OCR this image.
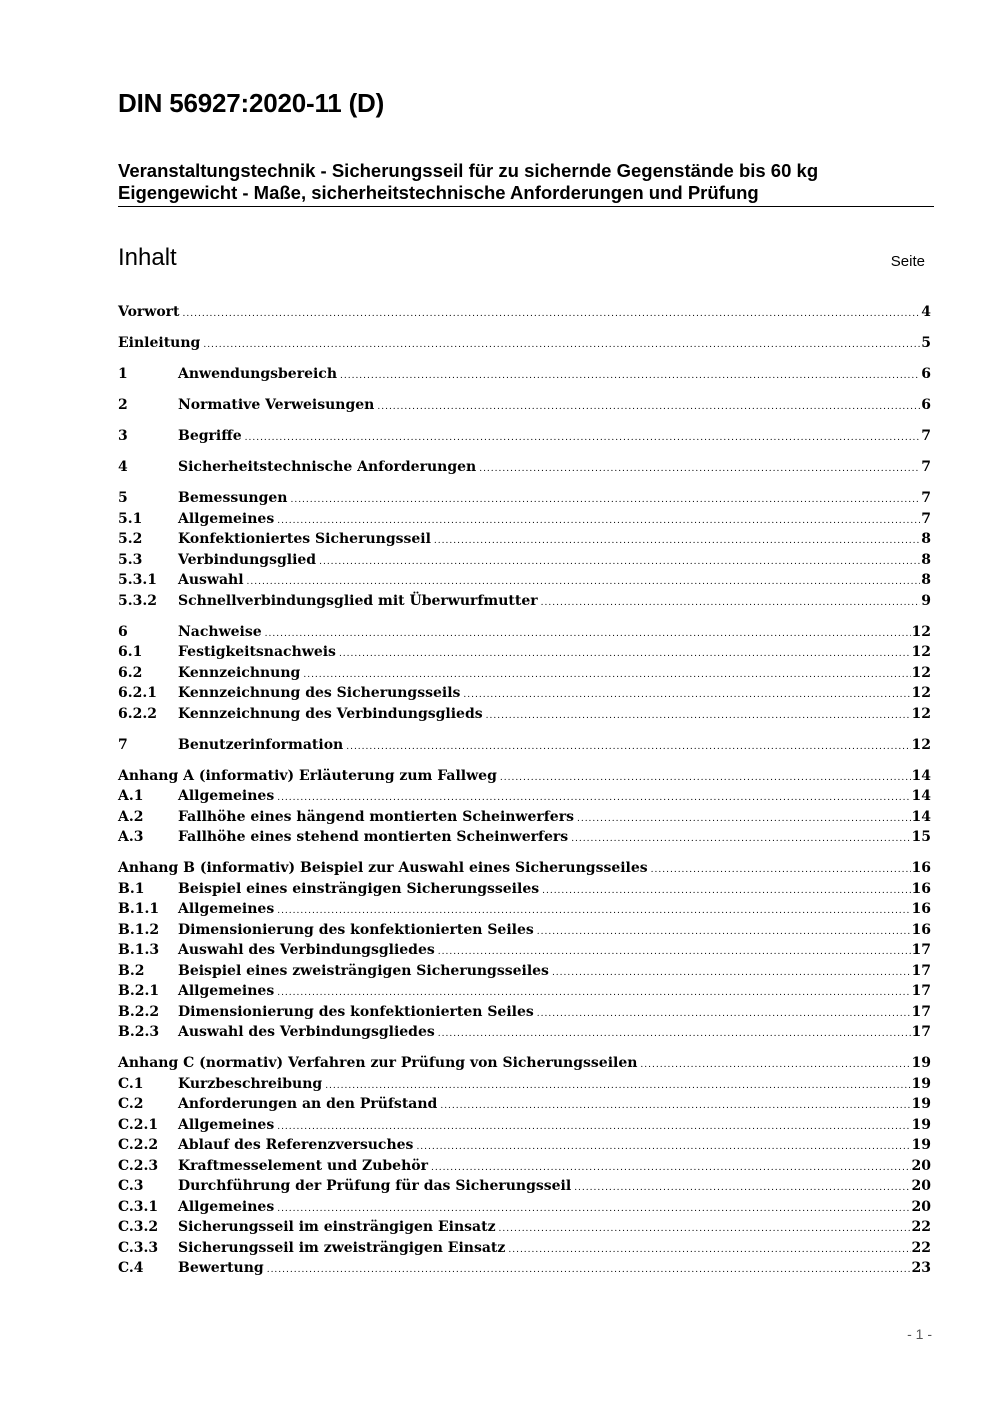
DIN 56927:2020-11 (D)
Veranstaltungstechnik - Sicherungsseil für zu sichernde Gegenstände bis 60 kg
Eigengewicht - Maße, sicherheitstechnische Anforderungen und Prüfung
Inhalt	Seite
Vorwort .....	4
Einleitung .....	5
1	Anwendungsbereich .....	6
2	Normative Verweisungen .....	6
3	Begriffe .....	7
4	Sicherheitstechnische Anforderungen .....	7
5	Bemessungen .....	7
5.1	Allgemeines .....	7
5.2	Konfektioniertes Sicherungsseil .....	8
5.3	Verbindungsglied .....	8
5.3.1	Auswahl .....	8
5.3.2	Schnellverbindungsglied mit Überwurfmutter .....	9
6	Nachweise .....	12
6.1	Festigkeitsnachweis .....	12
6.2	Kennzeichnung .....	12
6.2.1	Kennzeichnung des Sicherungsseils .....	12
6.2.2	Kennzeichnung des Verbindungsglieds .....	12
7	Benutzerinformation .....	12
Anhang A (informativ) Erläuterung zum Fallweg .....	14
A.1	Allgemeines .....	14
A.2	Fallhöhe eines hängend montierten Scheinwerfers .....	14
A.3	Fallhöhe eines stehend montierten Scheinwerfers .....	15
Anhang B (informativ) Beispiel zur Auswahl eines Sicherungsseiles .....	16
B.1	Beispiel eines einsträngigen Sicherungsseiles .....	16
B.1.1	Allgemeines .....	16
B.1.2	Dimensionierung des konfektionierten Seiles .....	16
B.1.3	Auswahl des Verbindungsgliedes .....	17
B.2	Beispiel eines zweisträngigen Sicherungsseiles .....	17
B.2.1	Allgemeines .....	17
B.2.2	Dimensionierung des konfektionierten Seiles .....	17
B.2.3	Auswahl des Verbindungsgliedes .....	17
Anhang C (normativ) Verfahren zur Prüfung von Sicherungsseilen .....	19
C.1	Kurzbeschreibung .....	19
C.2	Anforderungen an den Prüfstand .....	19
C.2.1	Allgemeines .....	19
C.2.2	Ablauf des Referenzversuches .....	19
C.2.3	Kraftmesselement und Zubehör .....	20
C.3	Durchführung der Prüfung für das Sicherungsseil .....	20
C.3.1	Allgemeines .....	20
C.3.2	Sicherungsseil im einsträngigen Einsatz .....	22
C.3.3	Sicherungsseil im zweisträngigen Einsatz .....	22
C.4	Bewertung .....	23
- 1 -
